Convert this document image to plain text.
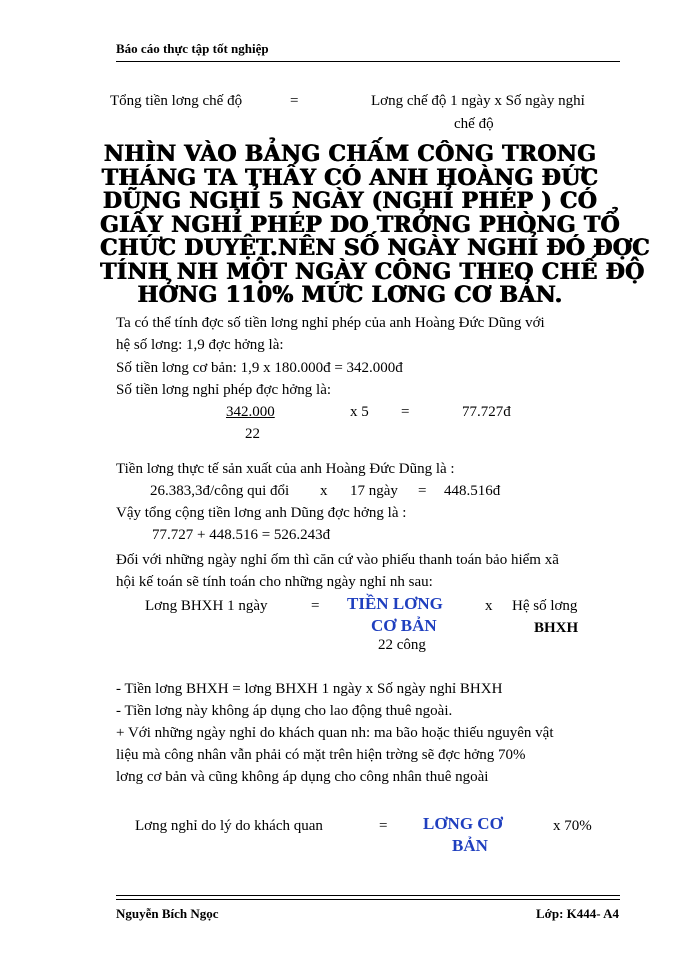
Báo cáo thực tập tốt nghiệp
Tổng tiền lơng chế độ	=	Lơng chế độ 1 ngày x Số ngày nghỉ
chế độ
NHÌN VÀO BẢNG CHẤM CÔNG TRONG
THÁNG TA THẤY CÓ ANH HOÀNG ĐỨC
DŨNG NGHỈ 5 NGÀY (NGHỈ PHÉP ) CÓ
GIẤY NGHỈ PHÉP DO TRỞNG PHÒNG TỔ
CHỨC DUYỆT.NÊN SỐ NGÀY NGHỈ ĐÓ ĐỢC
TÍNH NH MỘT NGÀY CÔNG THEO CHẾ ĐỘ
HỞNG 110% MỨC LƠNG CƠ BẢN.
Ta có thể tính đợc số tiền lơng nghỉ phép của anh Hoàng Đức Dũng với
hệ số lơng: 1,9 đợc hởng là:
Số tiền lơng cơ bản: 1,9 x 180.000đ = 342.000đ
Số tiền lơng nghỉ phép đợc hởng là:
342.000	x 5 =	77.727đ
22
Tiền lơng thực tế sản xuất của anh Hoàng Đức Dũng là :
26.383,3đ/công qui đổi x 17 ngày = 448.516đ
Vậy tổng cộng tiền lơng anh Dũng đợc hởng là :
77.727 + 448.516 = 526.243đ
Đối với những ngày nghỉ ốm thì căn cứ vào phiếu thanh toán bảo hiểm xã
hội kế toán sẽ tính toán cho những ngày nghỉ nh sau:
Lơng BHXH 1 ngày	= TIỀN LƠNG
CƠ BẢN
x Hệ số lơng
BHXH
22 công
- Tiền lơng BHXH = lơng BHXH 1 ngày x Số ngày nghỉ BHXH
- Tiền lơng này không áp dụng cho lao động thuê ngoài.
+ Với những ngày nghỉ do khách quan nh: ma bão hoặc thiếu nguyên vật
liệu mà công nhân vẫn phải có mặt trên hiện trờng sẽ đợc hởng 70%
lơng cơ bản và cũng không áp dụng cho công nhân thuê ngoài
Lơng nghỉ do lý do khách quan	= LƠNG CƠ
BẢN
x 70%
Nguyễn Bích Ngọc	Lớp: K444- A4
